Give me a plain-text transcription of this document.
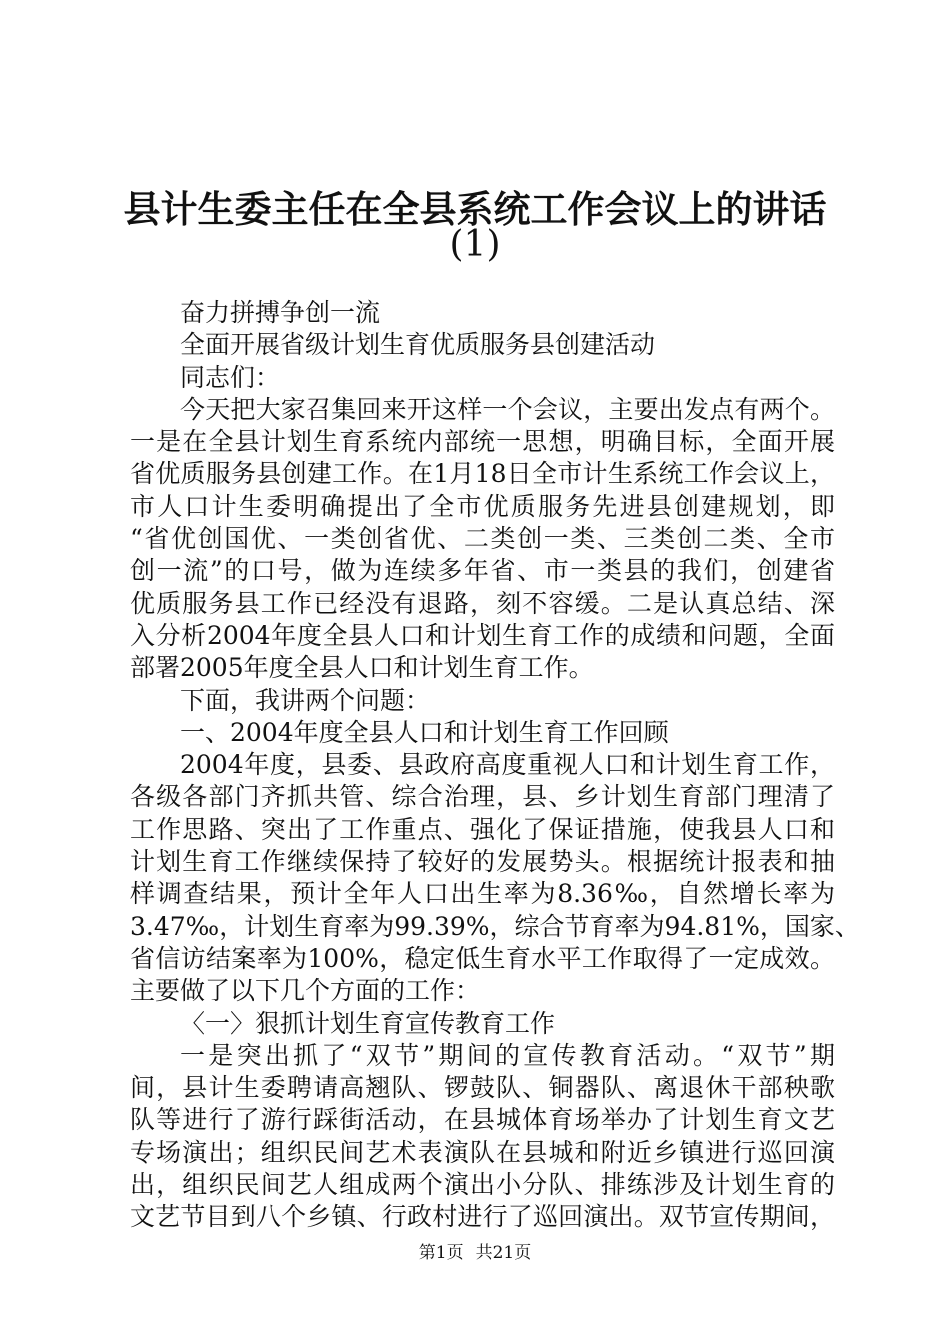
县计生委主任在全县系统工作会议上的讲话
(1)
奋力拼搏争创一流
全面开展省级计划生育优质服务县创建活动
同志们：
今天把大家召集回来开这样一个会议，主要出发点有两个。
一是在全县计划生育系统内部统一思想，明确目标，全面开展
省优质服务县创建工作。在1月18日全市计生系统工作会议上，
市人口计生委明确提出了全市优质服务先进县创建规划，即
“省优创国优、一类创省优、二类创一类、三类创二类、全市
创一流”的口号，做为连续多年省、市一类县的我们，创建省
优质服务县工作已经没有退路，刻不容缓。二是认真总结、深
入分析2004年度全县人口和计划生育工作的成绩和问题，全面
部署2005年度全县人口和计划生育工作。
下面，我讲两个问题：
一、2004年度全县人口和计划生育工作回顾
2004年度，县委、县政府高度重视人口和计划生育工作，
各级各部门齐抓共管、综合治理，县、乡计划生育部门理清了
工作思路、突出了工作重点、强化了保证措施，使我县人口和
计划生育工作继续保持了较好的发展势头。根据统计报表和抽
样调查结果，预计全年人口出生率为8.36‰，自然增长率为
3.47‰，计划生育率为99.39%，综合节育率为94.81%，国家、
省信访结案率为100%，稳定低生育水平工作取得了一定成效。
主要做了以下几个方面的工作：
〈一〉狠抓计划生育宣传教育工作
一是突出抓了“双节”期间的宣传教育活动。“双节”期
间，县计生委聘请高翘队、锣鼓队、铜器队、离退休干部秧歌
队等进行了游行踩街活动，在县城体育场举办了计划生育文艺
专场演出；组织民间艺术表演队在县城和附近乡镇进行巡回演
出，组织民间艺人组成两个演出小分队、排练涉及计划生育的
文艺节目到八个乡镇、行政村进行了巡回演出。双节宣传期间，
第1页 共21页
